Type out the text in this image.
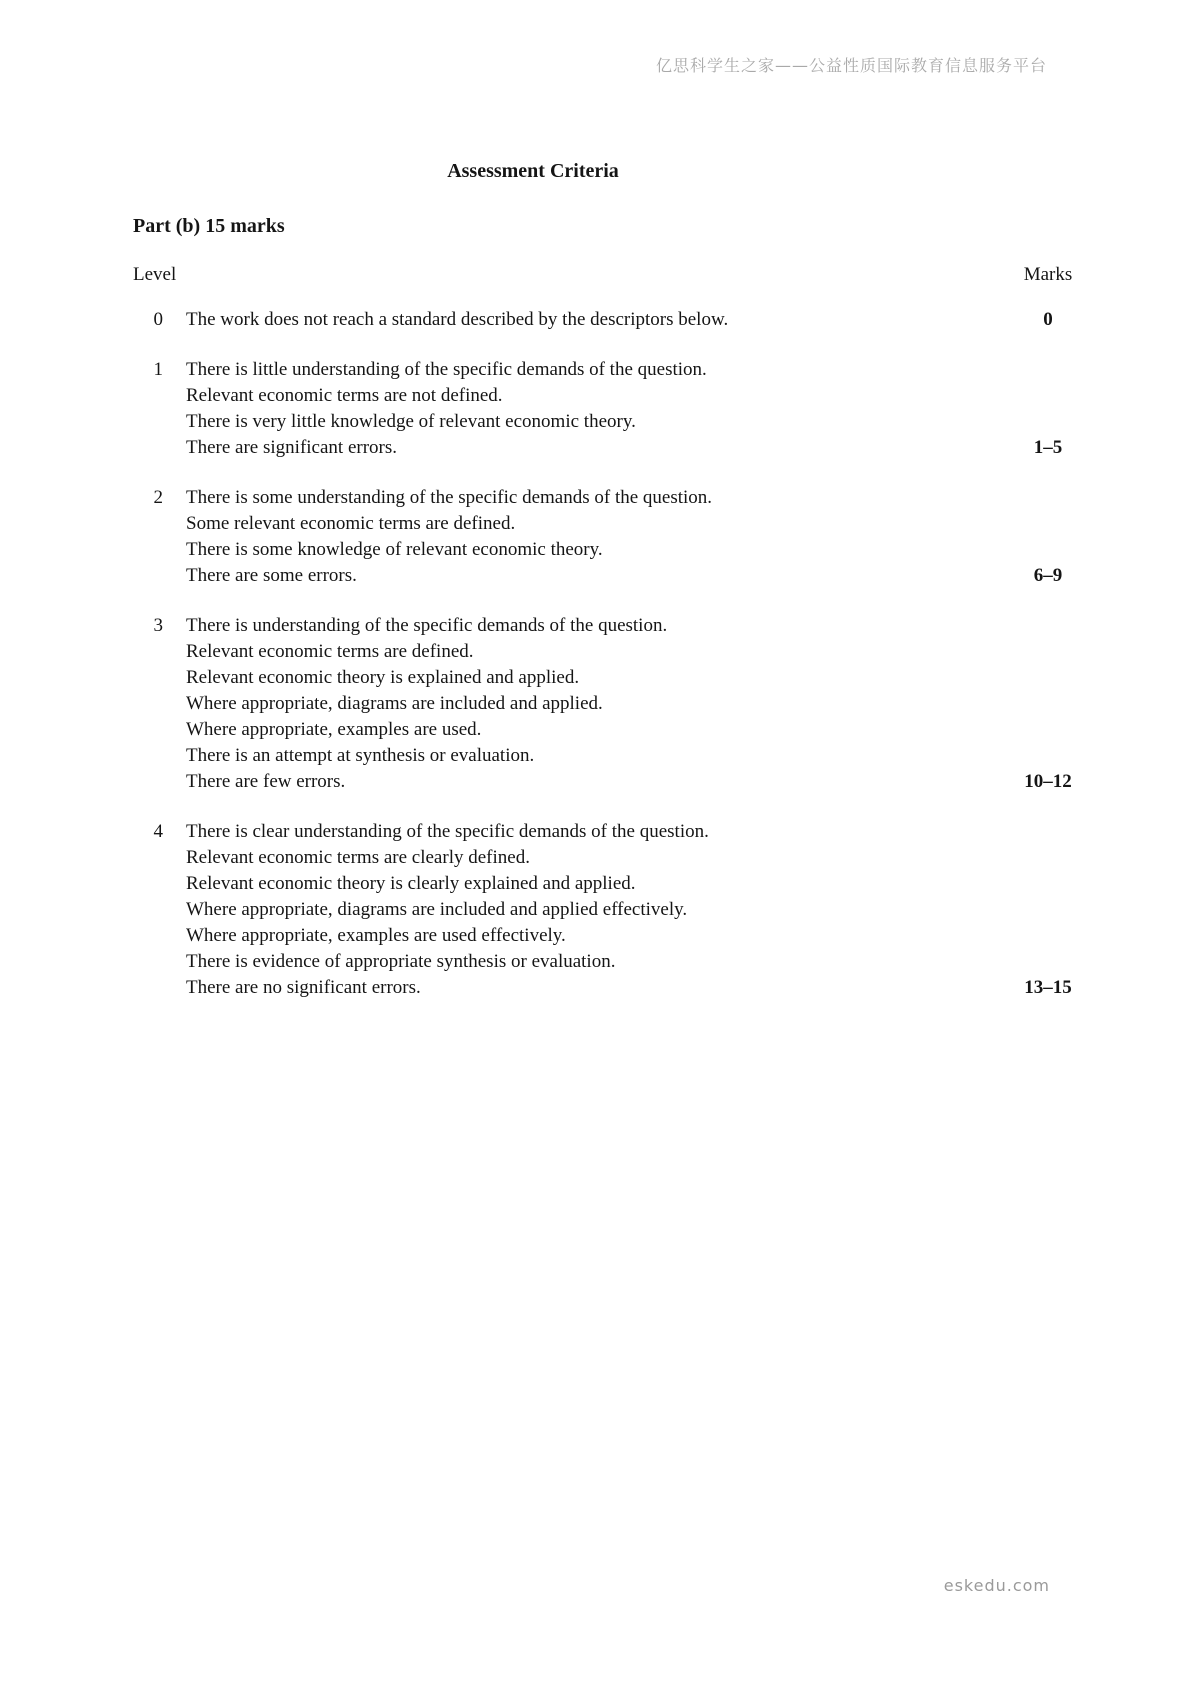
亿思科学生之家——公益性质国际教育信息服务平台
Assessment Criteria
Part (b) 15 marks
Level	Marks
0 The work does not reach a standard described by the descriptors below.	0
1 There is little understanding of the specific demands of the question.
Relevant economic terms are not defined.
There is very little knowledge of relevant economic theory.
There are significant errors.	1–5
2 There is some understanding of the specific demands of the question.
Some relevant economic terms are defined.
There is some knowledge of relevant economic theory.
There are some errors.	6–9
3 There is understanding of the specific demands of the question.
Relevant economic terms are defined.
Relevant economic theory is explained and applied.
Where appropriate, diagrams are included and applied.
Where appropriate, examples are used.
There is an attempt at synthesis or evaluation.
There are few errors.	10–12
4 There is clear understanding of the specific demands of the question.
Relevant economic terms are clearly defined.
Relevant economic theory is clearly explained and applied.
Where appropriate, diagrams are included and applied effectively.
Where appropriate, examples are used effectively.
There is evidence of appropriate synthesis or evaluation.
There are no significant errors.	13–15
eskedu.com
